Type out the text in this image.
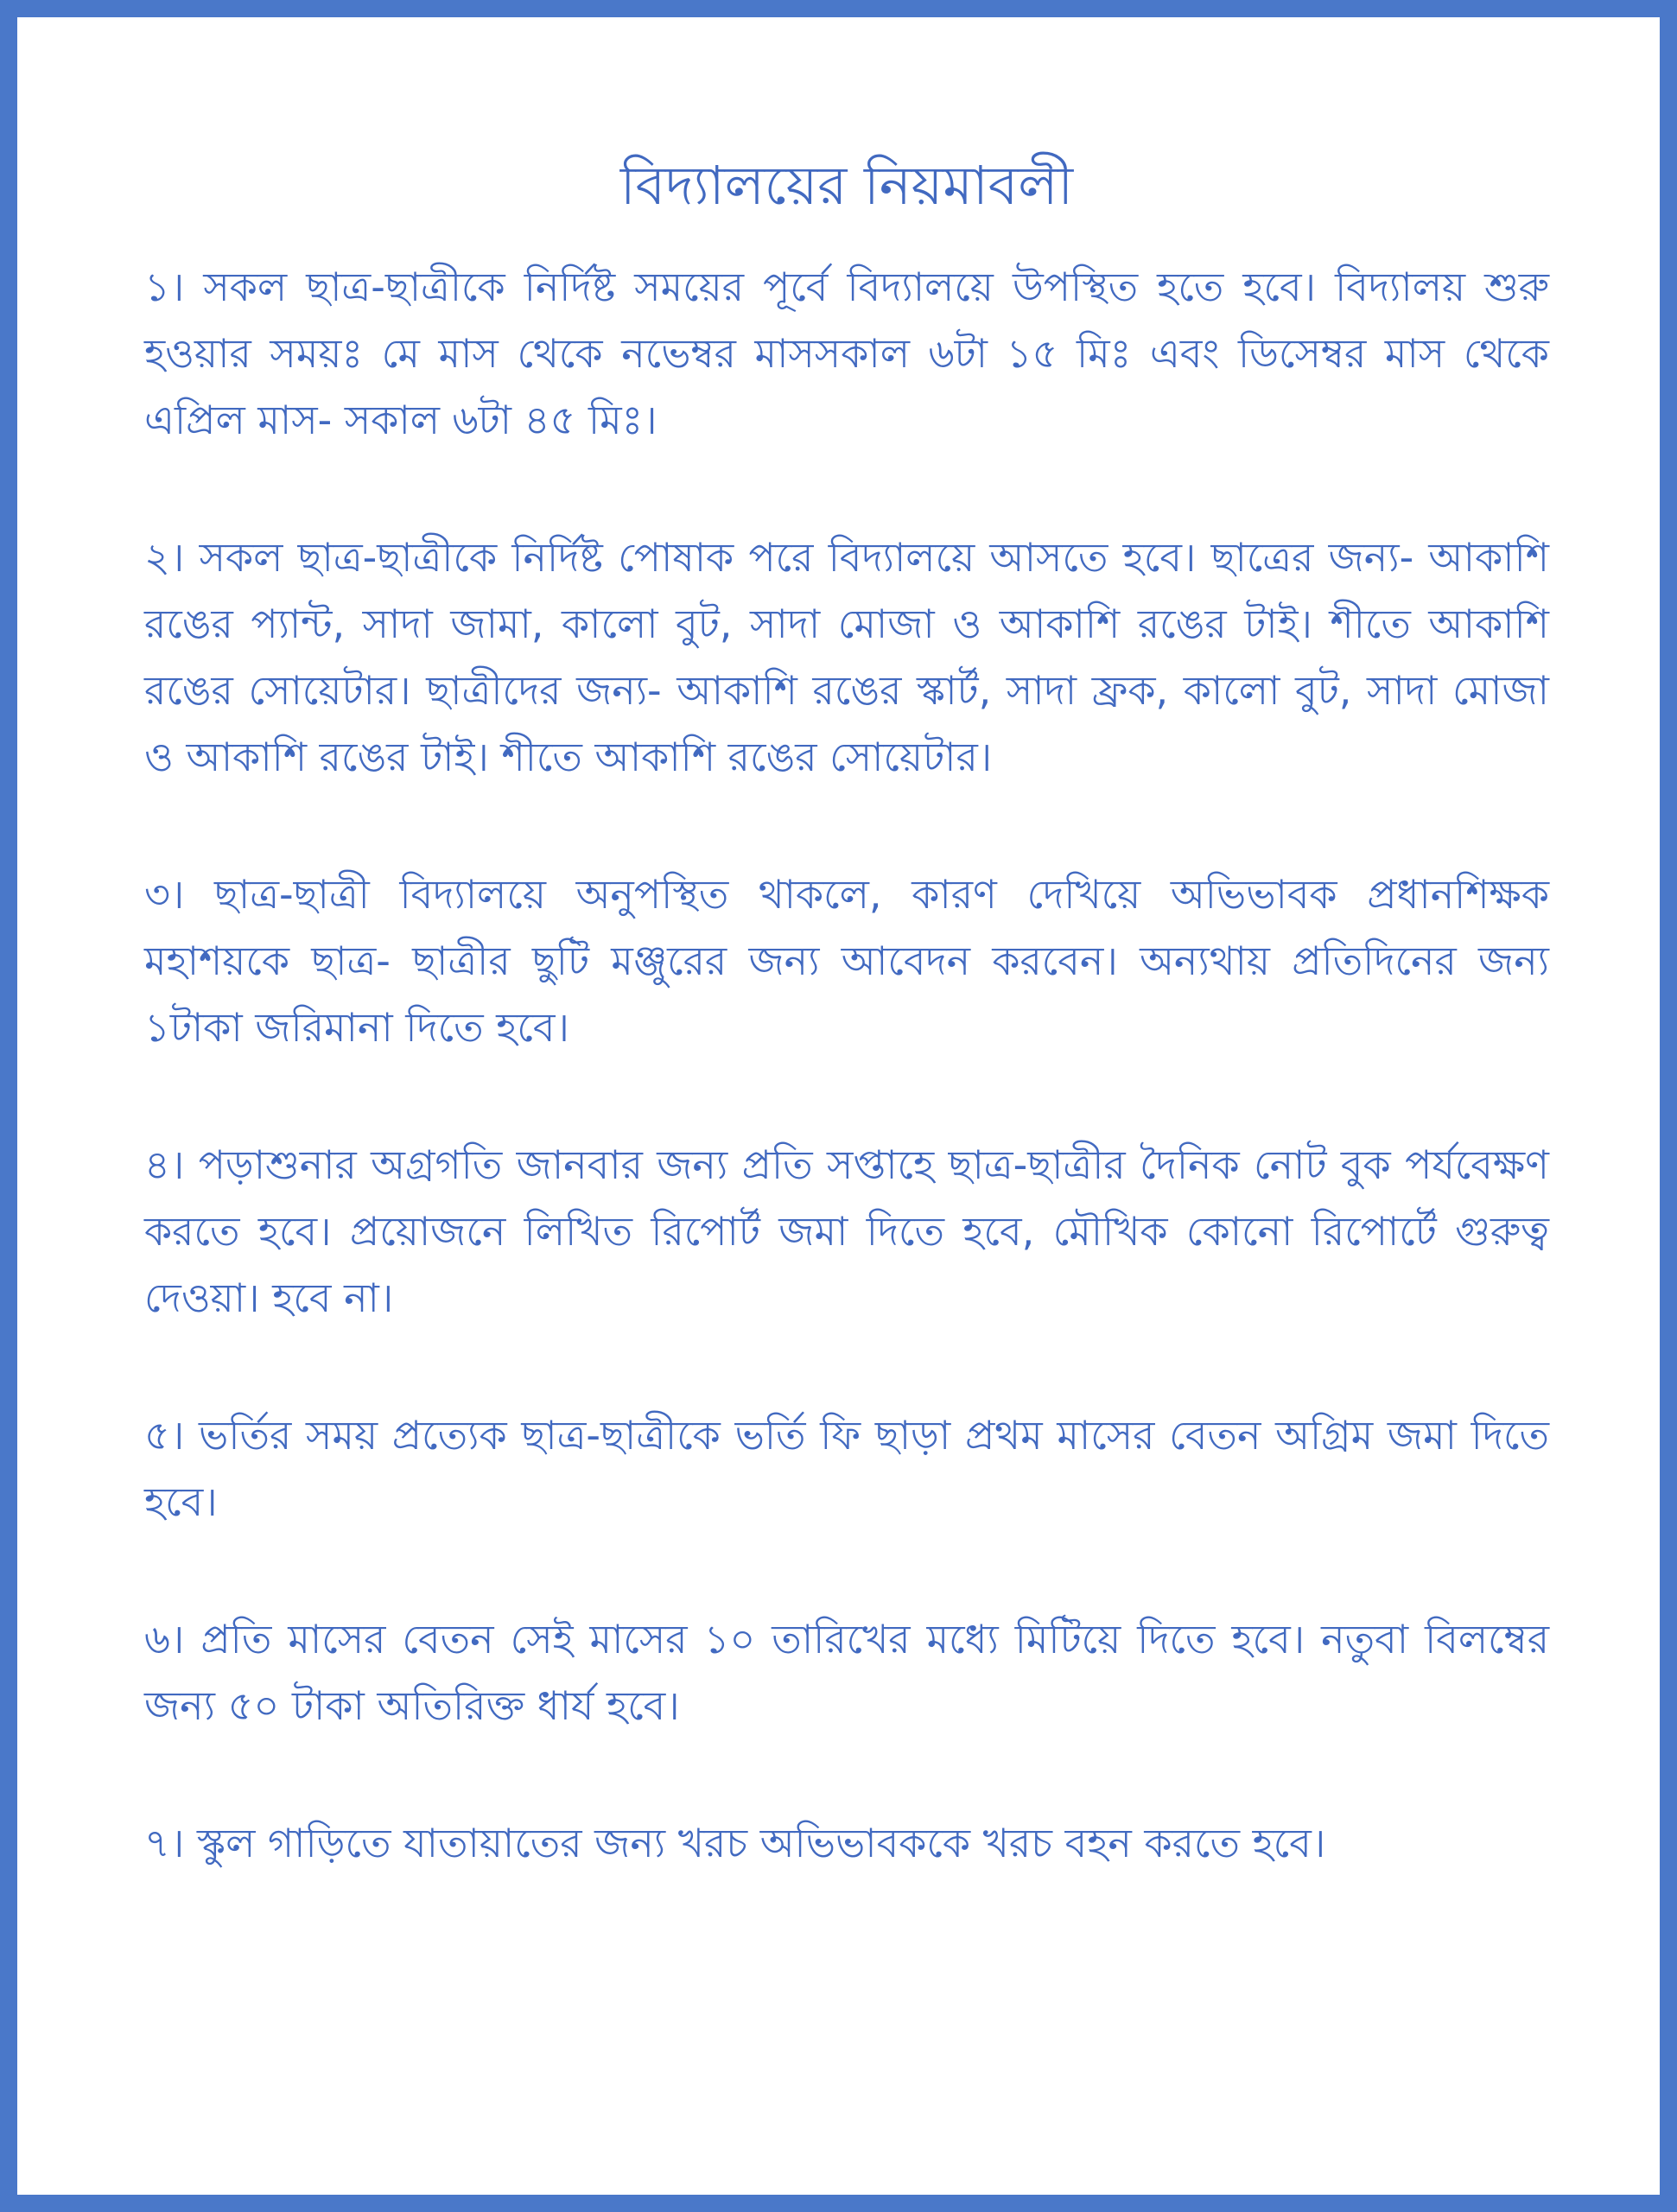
বিদ্যালয়ের নিয়মাবলী

১। সকল ছাত্র-ছাত্রীকে নির্দিষ্ট সময়ের পূর্বে বিদ্যালয়ে উপস্থিত হতে হবে। বিদ্যালয় শুরু হওয়ার সময়ঃ মে মাস থেকে নভেম্বর মাসসকাল ৬টা ১৫ মিঃ এবং ডিসেম্বর মাস থেকে এপ্রিল মাস- সকাল ৬টা ৪৫ মিঃ।

২। সকল ছাত্র-ছাত্রীকে নির্দিষ্ট পোষাক পরে বিদ্যালয়ে আসতে হবে। ছাত্রের জন্য- আকাশি রঙের প্যান্ট, সাদা জামা, কালো বুট, সাদা মোজা ও আকাশি রঙের টাই। শীতে আকাশি রঙের সোয়েটার। ছাত্রীদের জন্য- আকাশি রঙের স্কার্ট, সাদা ফ্রক, কালো বুট, সাদা মোজা ও আকাশি রঙের টাই। শীতে আকাশি রঙের সোয়েটার।

৩। ছাত্র-ছাত্রী বিদ্যালয়ে অনুপস্থিত থাকলে, কারণ দেখিয়ে অভিভাবক প্রধানশিক্ষক মহাশয়কে ছাত্র- ছাত্রীর ছুটি মঞ্জুরের জন্য আবেদন করবেন। অন্যথায় প্রতিদিনের জন্য ১টাকা জরিমানা দিতে হবে।

৪। পড়াশুনার অগ্রগতি জানবার জন্য প্রতি সপ্তাহে ছাত্র-ছাত্রীর দৈনিক নোট বুক পর্যবেক্ষণ করতে হবে। প্রয়োজনে লিখিত রিপোর্ট জমা দিতে হবে, মৌখিক কোনো রিপোর্টে গুরুত্ব দেওয়া। হবে না।

৫। ভর্তির সময় প্রত্যেক ছাত্র-ছাত্রীকে ভর্তি ফি ছাড়া প্রথম মাসের বেতন অগ্রিম জমা দিতে হবে।

৬। প্রতি মাসের বেতন সেই মাসের ১০ তারিখের মধ্যে মিটিয়ে দিতে হবে। নতুবা বিলম্বের জন্য ৫০ টাকা অতিরিক্ত ধার্য হবে।

৭। স্কুল গাড়িতে যাতায়াতের জন্য খরচ অভিভাবককে খরচ বহন করতে হবে।
